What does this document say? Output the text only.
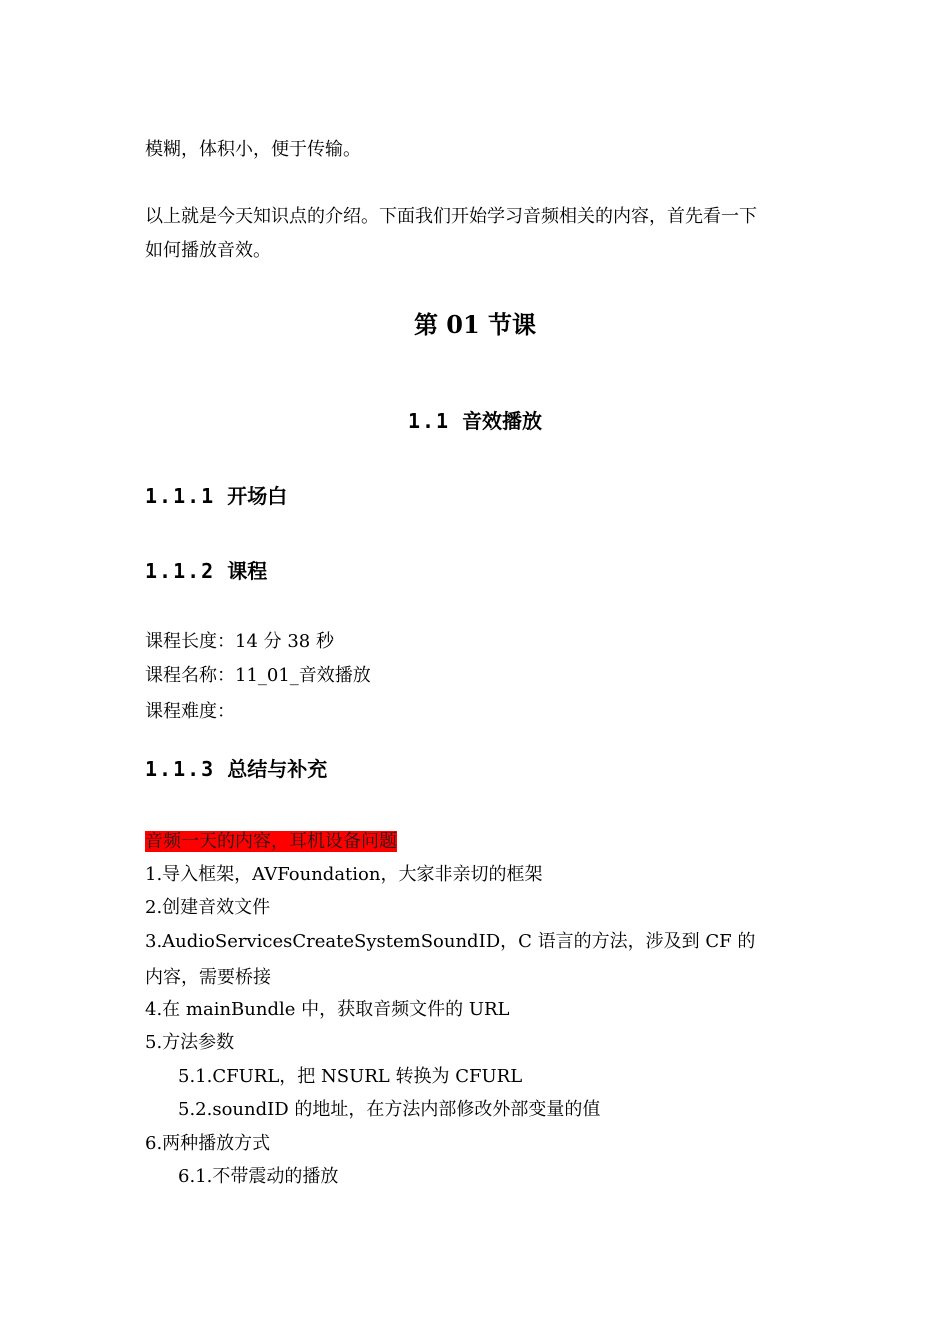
模糊，体积小，便于传输。
以上就是今天知识点的介绍。下面我们开始学习音频相关的内容，首先看一下
如何播放音效。
第 01 节课
1.1 音效播放
1.1.1 开场白
1.1.2 课程
课程长度：14 分 38 秒
课程名称：11_01_音效播放
课程难度：
1.1.3 总结与补充
音频一天的内容，耳机设备问题
1.导入框架，AVFoundation，大家非亲切的框架
2.创建音效文件
3.AudioServicesCreateSystemSoundID，C 语言的方法，涉及到 CF 的
内容，需要桥接
4.在 mainBundle 中，获取音频文件的 URL
5.方法参数
5.1.CFURL，把 NSURL 转换为 CFURL
5.2.soundID 的地址，在方法内部修改外部变量的值
6.两种播放方式
6.1.不带震动的播放
